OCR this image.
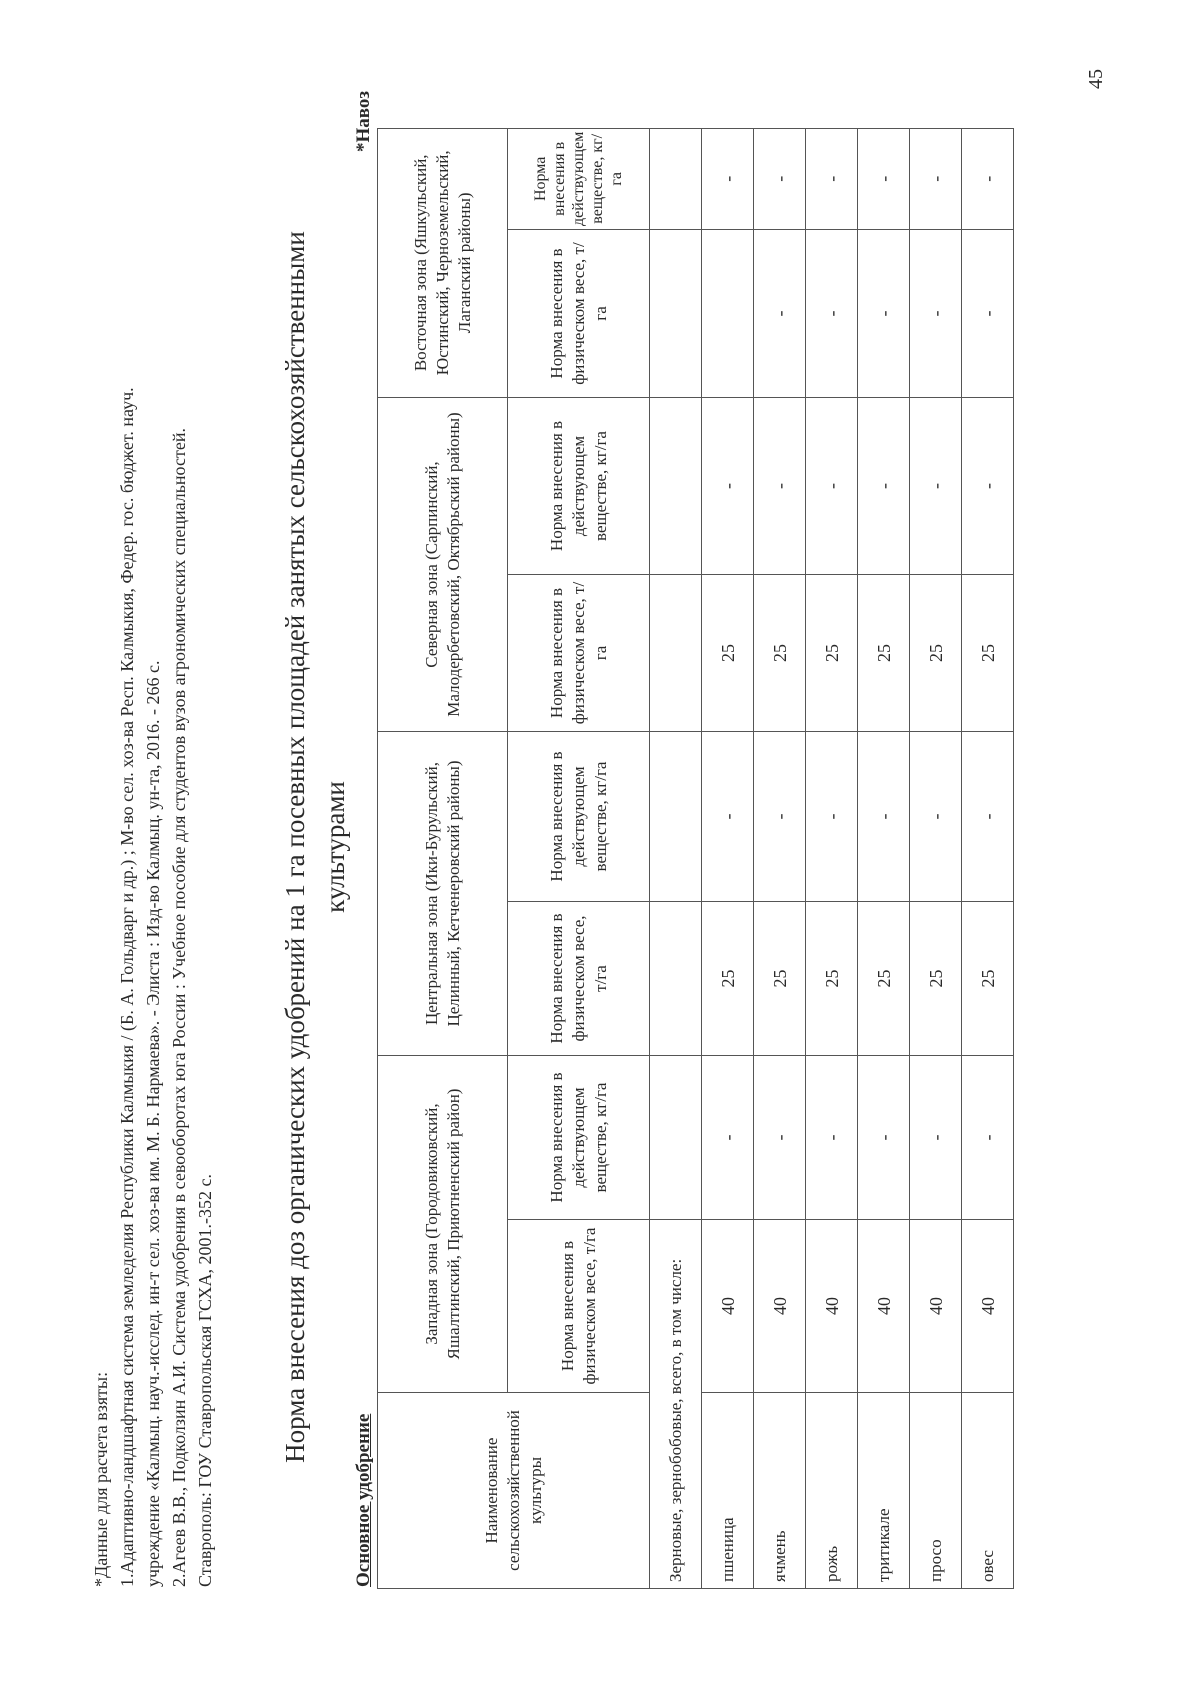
*Данные для расчета взяты: 1.Адаптивно-ландшафтная система земледелия Республики Калмыкия / (Б. А. Гольдварг и др.) ; М-во сел. хоз-ва Респ. Калмыкия, Федер. гос. бюджет. науч. учреждение «Калмыц. науч.-исслед. ин-т сел. хоз-ва им. М. Б. Нармаева». - Элиста : Изд-во Калмыц. ун-та, 2016. - 266 с. 2.Агеев В.В., Подколзин А.И. Система удобрения в севооборотах юга России : Учебное пособие для студентов вузов агрономических специальностей. Ставрополь: ГОУ Ставропольская ГСХА, 2001.-352 с. Норма внесения доз органических удобрений на 1 га посевных площадей занятых сельскохозяйственными культурами
Основное удобрение
*Навоз
Наименование сельскохозяйственной культуры	Западная зона (Городовиковский, Яшалтинский, Приютненский район)		Центральная зона (Ики-Бурульский, Целинный, Кетченеровский районы)		Северная зона (Сарпинский, Малодербетовский, Октябрьский районы)		Восточная зона (Яшкульский, Юстинский, Черноземельский, Лаганский районы)	
	Норма внесения в физическом весе, т/га	Норма внесения в действующем веществе, кг/га	Норма внесения в физическом весе, т/га	Норма внесения в действующем веществе, кг/га	Норма внесения в физическом весе, т/га	Норма внесения в действующем веществе, кг/га	Норма внесения в физическом весе, т/га	Норма внесения в действующем веществе, кг/га
Зерновые, зернобобовые, всего, в том числе:								
пшеница	40	-	25	-	25	-		-
ячмень	40	-	25	-	25	-	-	-
рожь	40	-	25	-	25	-	-	-
тритикале	40	-	25	-	25	-	-	-
просо	40	-	25	-	25	-	-	-
овес	40	-	25	-	25	-	-	-
45
